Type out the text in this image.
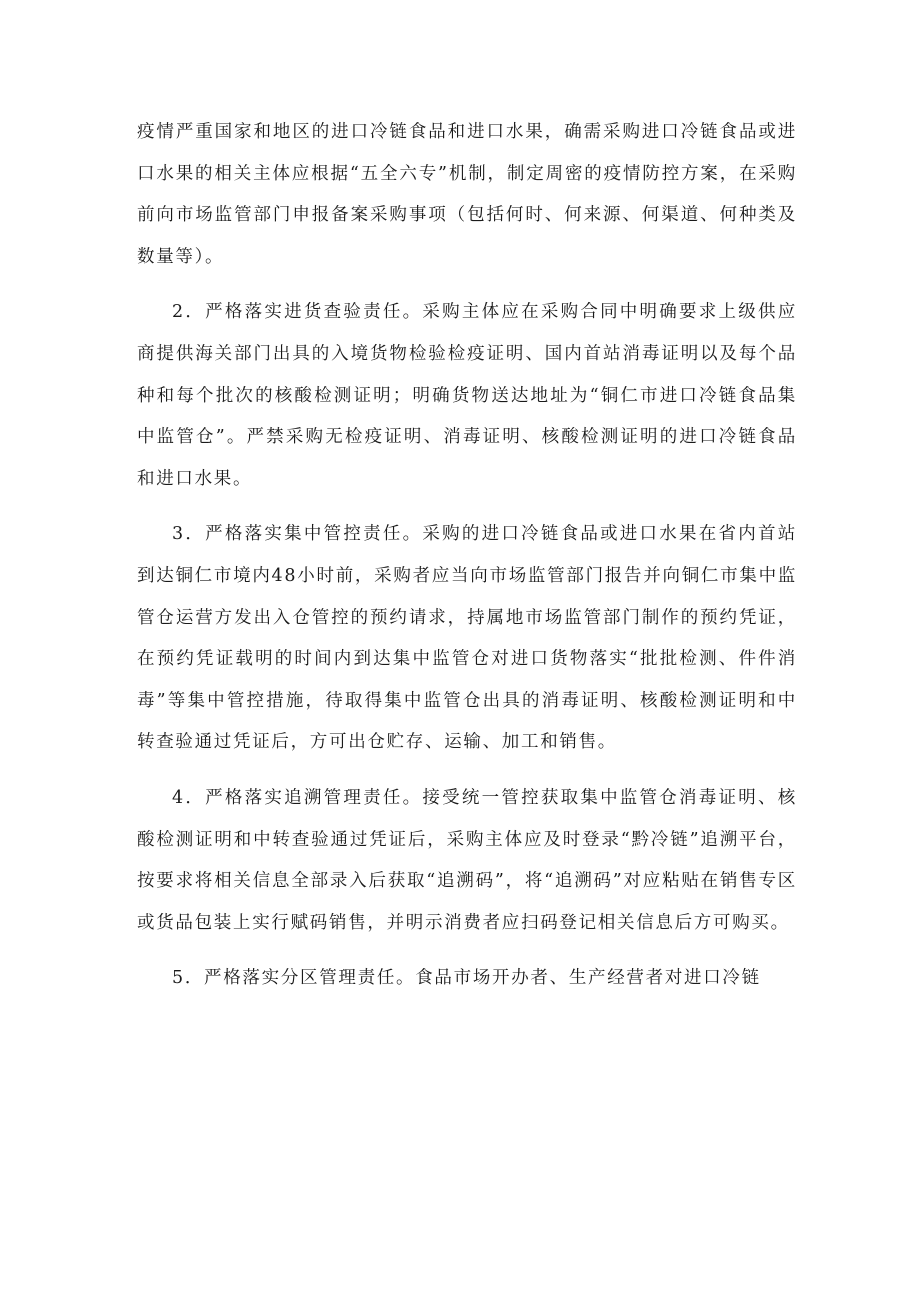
疫情严重国家和地区的进口冷链食品和进口水果，确需采购进口冷链食品或进口水果的相关主体应根据“五全六专”机制，制定周密的疫情防控方案，在采购前向市场监管部门申报备案采购事项（包括何时、何来源、何渠道、何种类及数量等）。

2．严格落实进货查验责任。采购主体应在采购合同中明确要求上级供应商提供海关部门出具的入境货物检验检疫证明、国内首站消毒证明以及每个品种和每个批次的核酸检测证明；明确货物送达地址为“铜仁市进口冷链食品集中监管仓”。严禁采购无检疫证明、消毒证明、核酸检测证明的进口冷链食品和进口水果。

3．严格落实集中管控责任。采购的进口冷链食品或进口水果在省内首站到达铜仁市境内48小时前，采购者应当向市场监管部门报告并向铜仁市集中监管仓运营方发出入仓管控的预约请求，持属地市场监管部门制作的预约凭证，在预约凭证载明的时间内到达集中监管仓对进口货物落实“批批检测、件件消毒”等集中管控措施，待取得集中监管仓出具的消毒证明、核酸检测证明和中转查验通过凭证后，方可出仓贮存、运输、加工和销售。

4．严格落实追溯管理责任。接受统一管控获取集中监管仓消毒证明、核酸检测证明和中转查验通过凭证后，采购主体应及时登录“黔冷链”追溯平台，按要求将相关信息全部录入后获取“追溯码”，将“追溯码”对应粘贴在销售专区或货品包装上实行赋码销售，并明示消费者应扫码登记相关信息后方可购买。

5．严格落实分区管理责任。食品市场开办者、生产经营者对进口冷链
